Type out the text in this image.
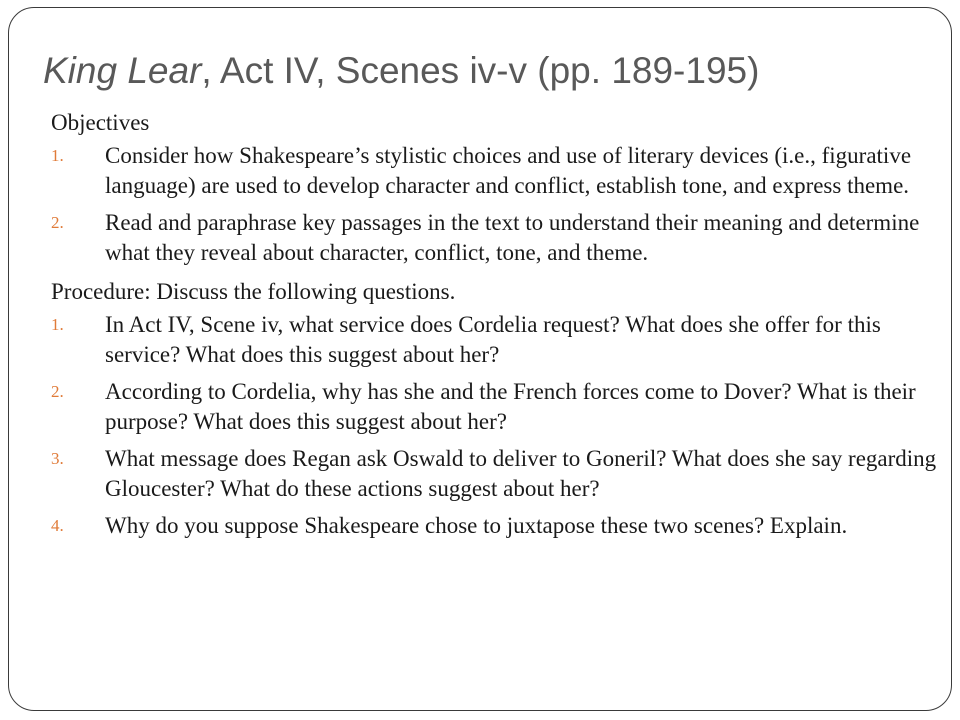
King Lear, Act IV, Scenes iv-v (pp. 189-195)

Objectives

1. Consider how Shakespeare’s stylistic choices and use of literary devices (i.e., figurative language) are used to develop character and conflict, establish tone, and express theme.
2. Read and paraphrase key passages in the text to understand their meaning and determine what they reveal about character, conflict, tone, and theme.

Procedure: Discuss the following questions.

1. In Act IV, Scene iv, what service does Cordelia request? What does she offer for this service? What does this suggest about her?
2. According to Cordelia, why has she and the French forces come to Dover? What is their purpose? What does this suggest about her?
3. What message does Regan ask Oswald to deliver to Goneril? What does she say regarding Gloucester? What do these actions suggest about her?
4. Why do you suppose Shakespeare chose to juxtapose these two scenes? Explain.
